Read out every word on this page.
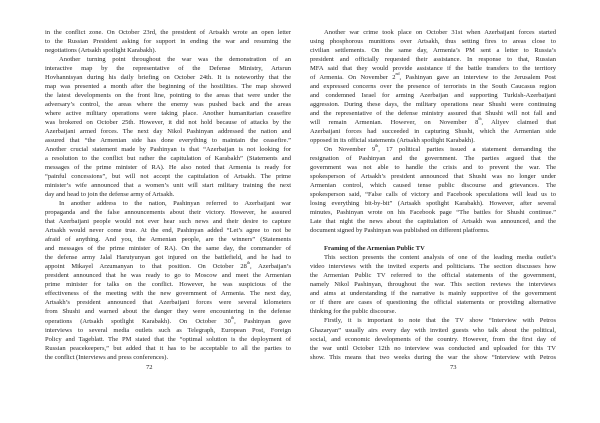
in the conflict zone. On October 23rd, the president of Artsakh wrote an open letter
to the Russian President asking for support in ending the war and resuming the
negotiations (Artsakh spotlight Karabakh).
Another turning point throughout the war was the demonstration of an
interactive map by the representative of the Defense Ministry, Artsrun
Hovhannisyan during his daily briefing on October 24th. It is noteworthy that the
map was presented a month after the beginning of the hostilities. The map showed
the latest developments on the front line, pointing to the areas that were under the
adversary’s control, the areas where the enemy was pushed back and the areas
where active military operations were taking place. Another humanitarian ceasefire
was brokered on October 25th. However, it did not hold because of attacks by the
Azerbaijani armed forces. The next day Nikol Pashinyan addressed the nation and
assured that “the Armenian side has done everything to maintain the ceasefire.”
Another crucial statement made by Pashinyan is that “Azerbaijan is not looking for
a resolution to the conflict but rather the capitulation of Karabakh” (Statements and
messages of the prime minister of RA). He also noted that Armenia is ready for
“painful concessions”, but will not accept the capitulation of Artsakh. The prime
minister’s wife announced that a women’s unit will start military training the next
day and head to join the defense army of Artsakh.
In another address to the nation, Pashinyan referred to Azerbaijani war
propaganda and the false announcements about their victory. However, he assured
that Azerbaijani people would not ever hear such news and their desire to capture
Artsakh would never come true. At the end, Pashinyan added “Let’s agree to not be
afraid of anything. And you, the Armenian people, are the winners” (Statements
and messages of the prime minister of RA). On the same day, the commander of
the defense army Jalal Harutyunyan got injured on the battlefield, and he had to
appoint Mikayel Arzumanyan to that position. On October 28th, Azerbaijan’s
president announced that he was ready to go to Moscow and meet the Armenian
prime minister for talks on the conflict. However, he was suspicious of the
effectiveness of the meeting with the new government of Armenia. The next day,
Artsakh’s president announced that Azerbaijani forces were several kilometers
from Shushi and warned about the danger they were encountering in the defense
operations (Artsakh spotlight Karabakh). On October 30th, Pashinyan gave
interviews to several media outlets such as Telegraph, European Post, Foreign
Policy and Tageblatt. The PM stated that the “optimal solution is the deployment of
Russian peacekeepers,” but added that it has to be acceptable to all the parties to
the conflict (Interviews and press conferences).
Another war crime took place on October 31st when Azerbaijani forces started
using phosphorous munitions over Artsakh, thus setting fires to areas close to
civilian settlements. On the same day, Armenia’s PM sent a letter to Russia’s
president and officially requested their assistance. In response to that, Russian
MFA said that they would provide assistance if the battle transfers to the territory
of Armenia. On November 2nd, Pashinyan gave an interview to the Jerusalem Post
and expressed concerns over the presence of terrorists in the South Caucasus region
and condemned Israel for arming Azerbaijan and supporting Turkish-Azerbaijani
aggression. During these days, the military operations near Shushi were continuing
and the representative of the defense ministry assured that Shushi will not fall and
will remain Armenian. However, on November 8th, Aliyev claimed that
Azerbaijani forces had succeeded in capturing Shushi, which the Armenian side
opposed in its official statements (Artsakh spotlight Karabakh).
On November 9th, 17 political parties issued a statement demanding the
resignation of Pashinyan and the government. The parties argued that the
government was not able to handle the crisis and to prevent the war. The
spokesperson of Artsakh’s president announced that Shushi was no longer under
Armenian control, which caused tense public discourse and grievances. The
spokesperson said, “False calls of victory and Facebook speculations will lead us to
losing everything bit-by-bit” (Artsakh spotlight Karabakh). However, after several
minutes, Pashinyan wrote on his Facebook page “The battles for Shushi continue.”
Late that night the news about the capitulation of Artsakh was announced, and the
document signed by Pashinyan was published on different platforms.
Framing of the Armenian Public TV
This section presents the content analysis of one of the leading media outlet’s
video interviews with the invited experts and politicians. The section discusses how
the Armenian Public TV referred to the official statements of the government,
namely Nikol Pashinyan, throughout the war. This section reviews the interviews
and aims at understanding if the narrative is mainly supportive of the government
or if there are cases of questioning the official statements or providing alternative
thinking for the public discourse.
Firstly, it is important to note that the TV show “Interview with Petros
Ghazaryan” usually airs every day with invited guests who talk about the political,
social, and economic developments of the country. However, from the first day of
the war until October 12th no interview was conducted and uploaded for this TV
show. This means that two weeks during the war the show “Interview with Petros
72	73
